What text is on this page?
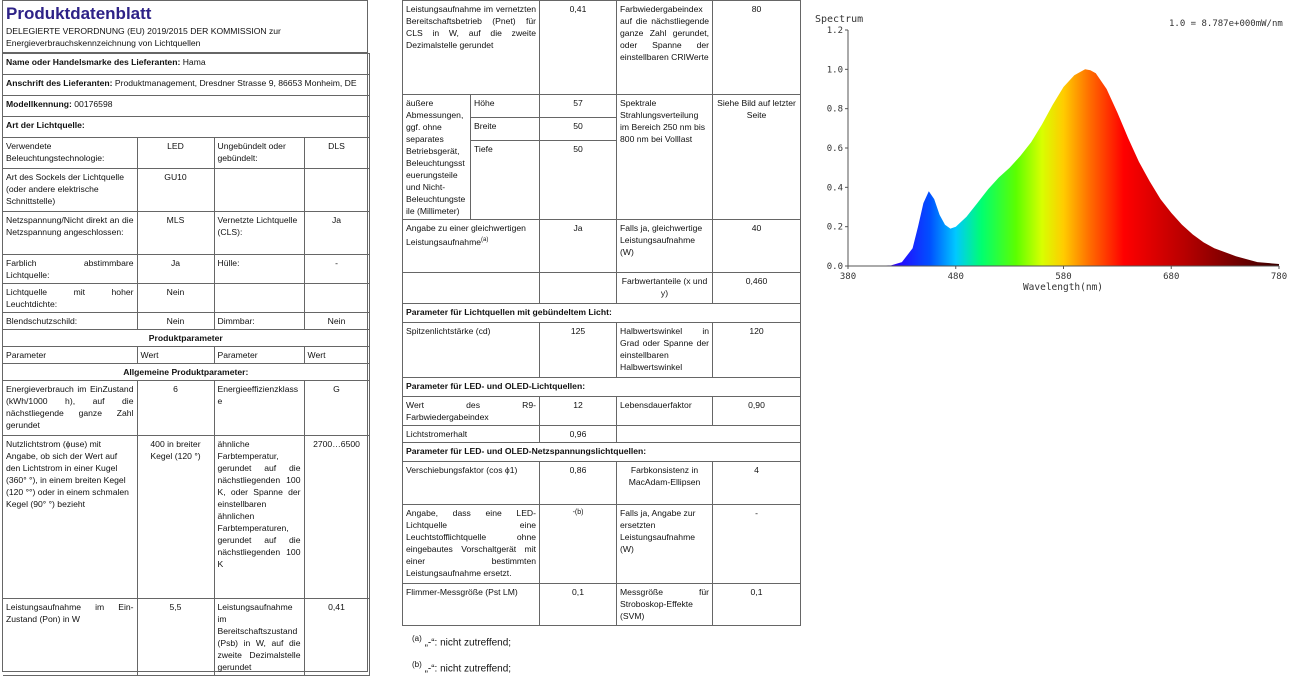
Produktdatenblatt
DELEGIERTE VERORDNUNG (EU) 2019/2015 DER KOMMISSION zur Energieverbrauchskennzeichnung von Lichtquellen
Name oder Handelsmarke des Lieferanten: Hama			
Anschrift des Lieferanten: Produktmanagement, Dresdner Strasse 9, 86653 Monheim, DE			
Modellkennung: 00176598			
Art der Lichtquelle:			
Verwendete Beleuchtungstechnologie:	LED	Ungebündelt oder gebündelt:	DLS
Art des Sockels der Lichtquelle (oder andere elektrische Schnittstelle)	GU10		
Netzspannung/Nicht direkt an die Netzspannung angeschlossen:	MLS	Vernetzte Lichtquelle (CLS):	Ja
Farblich abstimmbare Lichtquelle:	Ja	Hülle:	-
Lichtquelle mit hoher Leuchtdichte:	Nein		
Blendschutzschild:	Nein	Dimmbar:	Nein
Produktparameter			
Parameter	Wert	Parameter	Wert
Allgemeine Produktparameter:			
Energieverbrauch im EinZustand (kWh/1000 h), auf die nächstliegende ganze Zahl gerundet	6	Energieeffizienzklasse	G
Nutzlichtstrom (ϕuse) mit Angabe, ob sich der Wert auf den Lichtstrom in einer Kugel (360° °), in einem breiten Kegel (120 °°) oder in einem schmalen Kegel (90° °) bezieht	400 in breiter Kegel (120 °)	ähnliche Farbtemperatur, gerundet auf die nächstliegenden 100 K, oder Spanne der einstellbaren ähnlichen Farbtemperaturen, gerundet auf die nächstliegenden 100 K	2700…6500
Leistungsaufnahme im Ein-Zustand (Pon) in W	5,5	Leistungsaufnahme im Bereitschaftszustand (Psb) in W, auf die zweite Dezimalstelle gerundet	0,41
Leistungsaufnahme im vernetzten Bereitschaftsbetrieb (Pnet) für CLS in W, auf die zweite Dezimalstelle gerundet		0,41	Farbwiedergabeindex auf die nächstliegende ganze Zahl gerundet, oder Spanne der einstellbaren CRIWerte	80
äußere Abmessungen, ggf. ohne separates Betriebsgerät, Beleuchtungssteuerungsteile und Nicht-Beleuchtungsteile (Millimeter)	Höhe	57	Spektrale Strahlungsverteilung im Bereich 250 nm bis 800 nm bei Volllast	Siehe Bild auf letzter Seite
	Breite	50		
	Tiefe	50		
Angabe zu einer gleichwertigen Leistungsaufnahme$^{(a)}$		Ja	Falls ja, gleichwertige Leistungsaufnahme (W)	40
			Farbwertanteile (x und y)	0,460
Parameter für Lichtquellen mit gebündeltem Licht:				
Spitzenlichtstärke (cd)		125	Halbwertswinkel in Grad oder Spanne der einstellbaren Halbwertswinkel	120
Parameter für LED- und OLED-Lichtquellen:				
Wert des R9-Farbwiedergabeindex		12	Lebensdauerfaktor	0,90
Lichtstromerhalt		0,96		
Parameter für LED- und OLED-Netzspannungslichtquellen:				
Verschiebungsfaktor (cos ϕ1)		0,86	Farbkonsistenz in MacAdam-Ellipsen	4
Angabe, dass eine LED-Lichtquelle eine Leuchtstofflichtquelle ohne eingebautes Vorschaltgerät mit einer bestimmten Leistungsaufnahme ersetzt.		-(b)	Falls ja, Angabe zur ersetzten Leistungsaufnahme (W)	-
Flimmer-Messgröße (Pst LM)		0,1	Messgröße für Stroboskop-Effekte (SVM)	0,1
$^{(a)}$ „-“: nicht zutreffend;
$^{(b)}$ „-“: nicht zutreffend;
0.0
0.2
0.4
0.6
0.8
1.0
1.2
380	480	580	680	780
Spectrum	1.0 = 8.787e+000mW/nm
Wavelength(nm)
